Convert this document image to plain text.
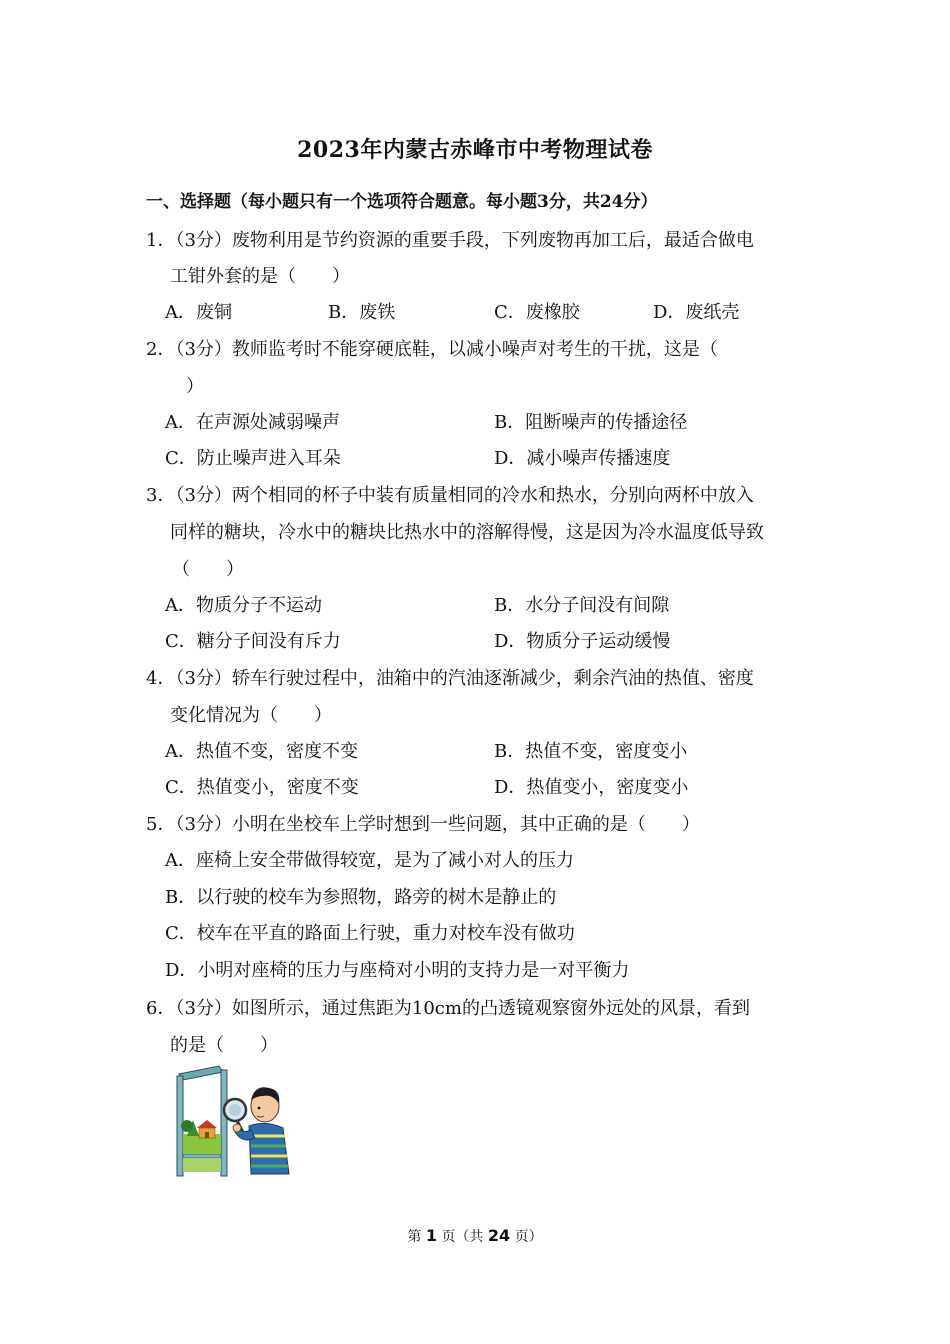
2023年内蒙古赤峰市中考物理试卷
一、选择题（每小题只有一个选项符合题意。每小题3分，共24分）
1．（3分）废物利用是节约资源的重要手段，下列废物再加工后，最适合做电
工钳外套的是（　　）
A．废铜	B．废铁	C．废橡胶	D．废纸壳
2．（3分）教师监考时不能穿硬底鞋，以减小噪声对考生的干扰，这是（
）
A．在声源处减弱噪声	B．阻断噪声的传播途径
C．防止噪声进入耳朵	D．减小噪声传播速度
3．（3分）两个相同的杯子中装有质量相同的冷水和热水，分别向两杯中放入
同样的糖块，冷水中的糖块比热水中的溶解得慢，这是因为冷水温度低导致
（　　）
A．物质分子不运动	B．水分子间没有间隙
C．糖分子间没有斥力	D．物质分子运动缓慢
4．（3分）轿车行驶过程中，油箱中的汽油逐渐减少，剩余汽油的热值、密度
变化情况为（　　）
A．热值不变，密度不变	B．热值不变，密度变小
C．热值变小，密度不变	D．热值变小，密度变小
5．（3分）小明在坐校车上学时想到一些问题，其中正确的是（　　）
A．座椅上安全带做得较宽，是为了减小对人的压力
B．以行驶的校车为参照物，路旁的树木是静止的
C．校车在平直的路面上行驶，重力对校车没有做功
D．小明对座椅的压力与座椅对小明的支持力是一对平衡力
6．（3分）如图所示，通过焦距为10cm的凸透镜观察窗外远处的风景，看到
的是（　　）
第 1 页（共 24 页）
